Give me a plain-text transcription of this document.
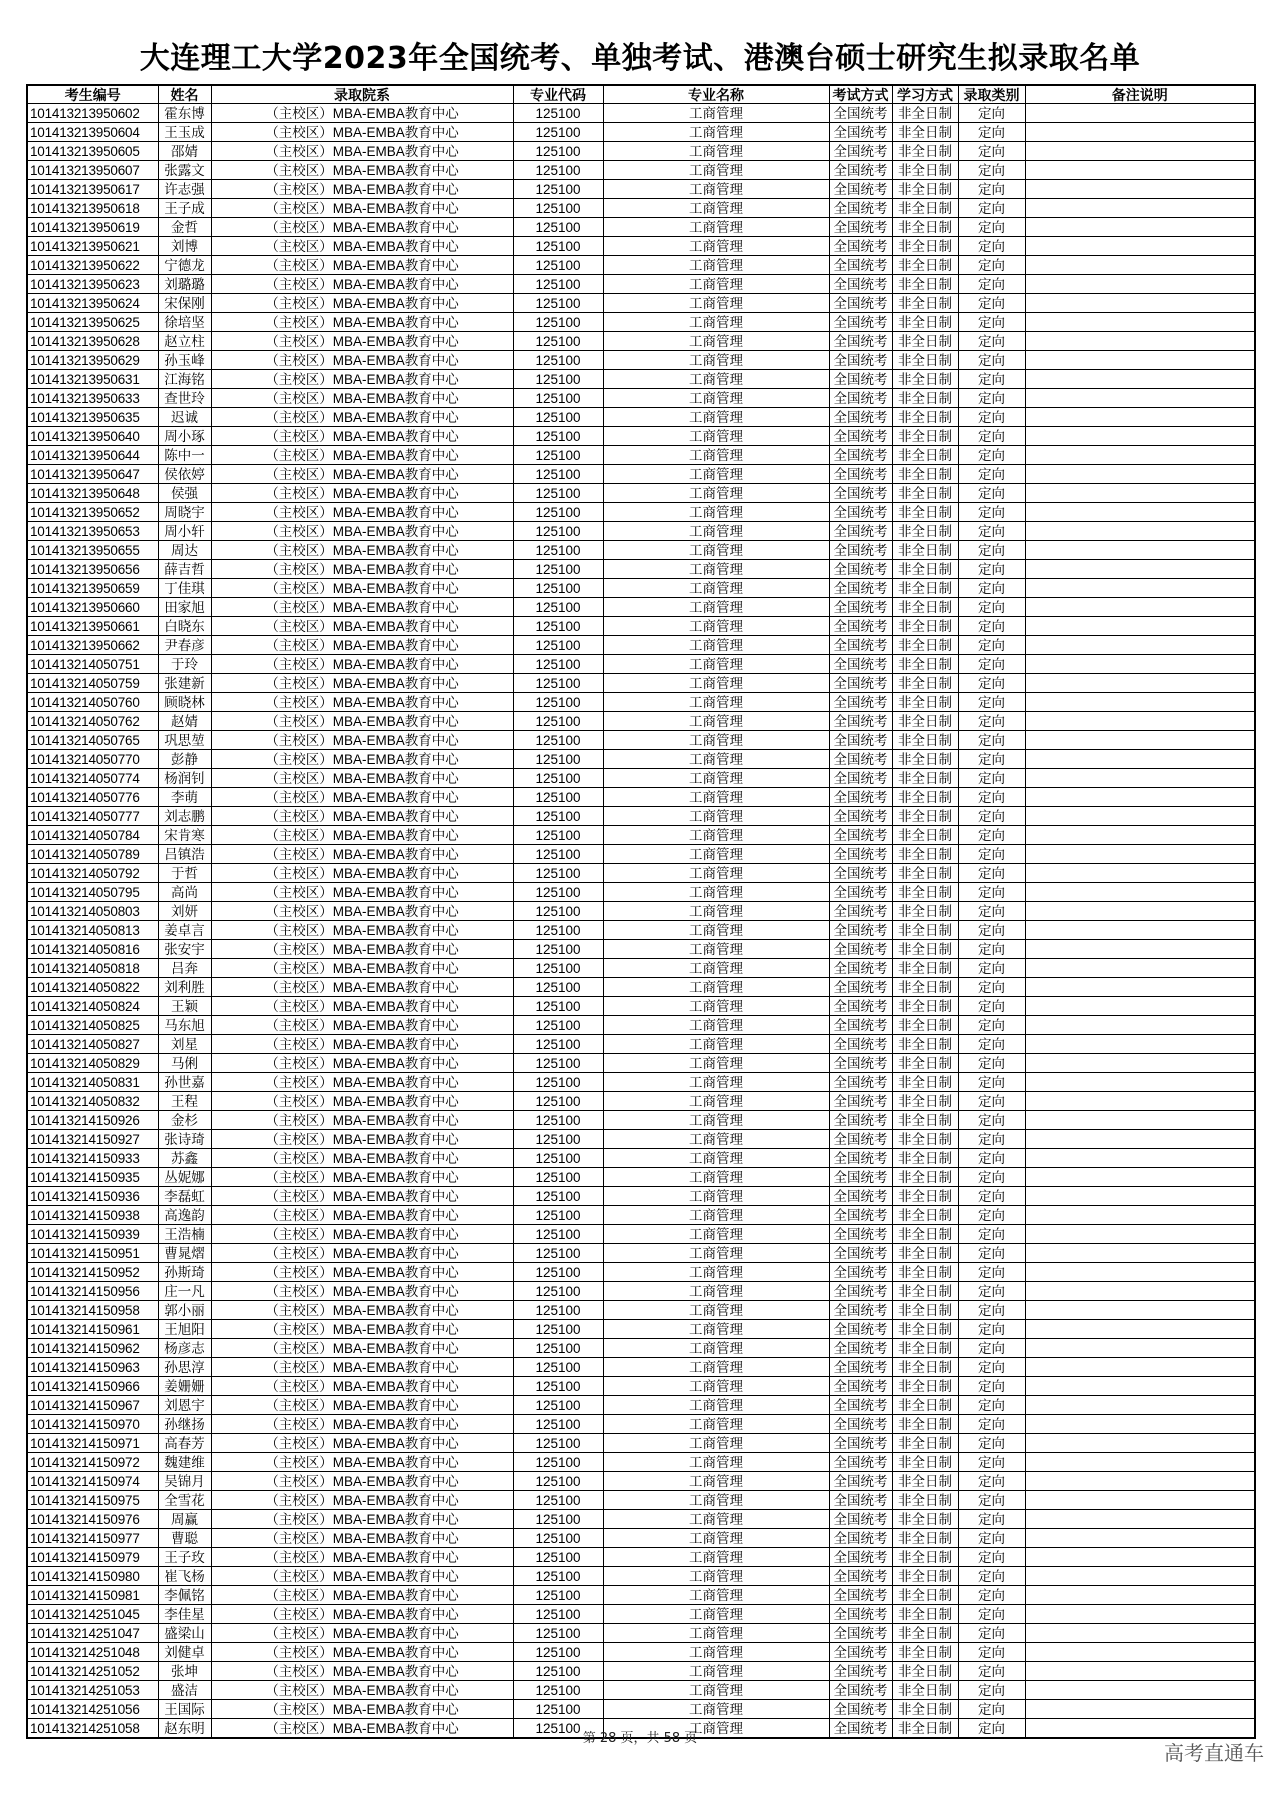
大连理工大学2023年全国统考、单独考试、港澳台硕士研究生拟录取名单
考生编号	姓名	录取院系	专业代码	专业名称	考试方式	学习方式	录取类别	备注说明
101413213950602	霍东博	（主校区）MBA-EMBA教育中心	125100	工商管理	全国统考	非全日制	定向	
101413213950604	王玉成	（主校区）MBA-EMBA教育中心	125100	工商管理	全国统考	非全日制	定向	
101413213950605	邵婧	（主校区）MBA-EMBA教育中心	125100	工商管理	全国统考	非全日制	定向	
101413213950607	张露文	（主校区）MBA-EMBA教育中心	125100	工商管理	全国统考	非全日制	定向	
101413213950617	许志强	（主校区）MBA-EMBA教育中心	125100	工商管理	全国统考	非全日制	定向	
101413213950618	王子成	（主校区）MBA-EMBA教育中心	125100	工商管理	全国统考	非全日制	定向	
101413213950619	金哲	（主校区）MBA-EMBA教育中心	125100	工商管理	全国统考	非全日制	定向	
101413213950621	刘博	（主校区）MBA-EMBA教育中心	125100	工商管理	全国统考	非全日制	定向	
101413213950622	宁德龙	（主校区）MBA-EMBA教育中心	125100	工商管理	全国统考	非全日制	定向	
101413213950623	刘璐璐	（主校区）MBA-EMBA教育中心	125100	工商管理	全国统考	非全日制	定向	
101413213950624	宋保刚	（主校区）MBA-EMBA教育中心	125100	工商管理	全国统考	非全日制	定向	
101413213950625	徐培坚	（主校区）MBA-EMBA教育中心	125100	工商管理	全国统考	非全日制	定向	
101413213950628	赵立柱	（主校区）MBA-EMBA教育中心	125100	工商管理	全国统考	非全日制	定向	
101413213950629	孙玉峰	（主校区）MBA-EMBA教育中心	125100	工商管理	全国统考	非全日制	定向	
101413213950631	江海铭	（主校区）MBA-EMBA教育中心	125100	工商管理	全国统考	非全日制	定向	
101413213950633	查世玲	（主校区）MBA-EMBA教育中心	125100	工商管理	全国统考	非全日制	定向	
101413213950635	迟诚	（主校区）MBA-EMBA教育中心	125100	工商管理	全国统考	非全日制	定向	
101413213950640	周小琢	（主校区）MBA-EMBA教育中心	125100	工商管理	全国统考	非全日制	定向	
101413213950644	陈中一	（主校区）MBA-EMBA教育中心	125100	工商管理	全国统考	非全日制	定向	
101413213950647	侯依婷	（主校区）MBA-EMBA教育中心	125100	工商管理	全国统考	非全日制	定向	
101413213950648	侯强	（主校区）MBA-EMBA教育中心	125100	工商管理	全国统考	非全日制	定向	
101413213950652	周晓宇	（主校区）MBA-EMBA教育中心	125100	工商管理	全国统考	非全日制	定向	
101413213950653	周小轩	（主校区）MBA-EMBA教育中心	125100	工商管理	全国统考	非全日制	定向	
101413213950655	周达	（主校区）MBA-EMBA教育中心	125100	工商管理	全国统考	非全日制	定向	
101413213950656	薛吉哲	（主校区）MBA-EMBA教育中心	125100	工商管理	全国统考	非全日制	定向	
101413213950659	丁佳琪	（主校区）MBA-EMBA教育中心	125100	工商管理	全国统考	非全日制	定向	
101413213950660	田家旭	（主校区）MBA-EMBA教育中心	125100	工商管理	全国统考	非全日制	定向	
101413213950661	白晓东	（主校区）MBA-EMBA教育中心	125100	工商管理	全国统考	非全日制	定向	
101413213950662	尹春彦	（主校区）MBA-EMBA教育中心	125100	工商管理	全国统考	非全日制	定向	
101413214050751	于玲	（主校区）MBA-EMBA教育中心	125100	工商管理	全国统考	非全日制	定向	
101413214050759	张建新	（主校区）MBA-EMBA教育中心	125100	工商管理	全国统考	非全日制	定向	
101413214050760	顾晓林	（主校区）MBA-EMBA教育中心	125100	工商管理	全国统考	非全日制	定向	
101413214050762	赵婧	（主校区）MBA-EMBA教育中心	125100	工商管理	全国统考	非全日制	定向	
101413214050765	巩思堃	（主校区）MBA-EMBA教育中心	125100	工商管理	全国统考	非全日制	定向	
101413214050770	彭静	（主校区）MBA-EMBA教育中心	125100	工商管理	全国统考	非全日制	定向	
101413214050774	杨润钊	（主校区）MBA-EMBA教育中心	125100	工商管理	全国统考	非全日制	定向	
101413214050776	李萌	（主校区）MBA-EMBA教育中心	125100	工商管理	全国统考	非全日制	定向	
101413214050777	刘志鹏	（主校区）MBA-EMBA教育中心	125100	工商管理	全国统考	非全日制	定向	
101413214050784	宋肯寒	（主校区）MBA-EMBA教育中心	125100	工商管理	全国统考	非全日制	定向	
101413214050789	吕镇浩	（主校区）MBA-EMBA教育中心	125100	工商管理	全国统考	非全日制	定向	
101413214050792	于哲	（主校区）MBA-EMBA教育中心	125100	工商管理	全国统考	非全日制	定向	
101413214050795	高尚	（主校区）MBA-EMBA教育中心	125100	工商管理	全国统考	非全日制	定向	
101413214050803	刘妍	（主校区）MBA-EMBA教育中心	125100	工商管理	全国统考	非全日制	定向	
101413214050813	姜卓言	（主校区）MBA-EMBA教育中心	125100	工商管理	全国统考	非全日制	定向	
101413214050816	张安宇	（主校区）MBA-EMBA教育中心	125100	工商管理	全国统考	非全日制	定向	
101413214050818	吕奔	（主校区）MBA-EMBA教育中心	125100	工商管理	全国统考	非全日制	定向	
101413214050822	刘利胜	（主校区）MBA-EMBA教育中心	125100	工商管理	全国统考	非全日制	定向	
101413214050824	王颖	（主校区）MBA-EMBA教育中心	125100	工商管理	全国统考	非全日制	定向	
101413214050825	马东旭	（主校区）MBA-EMBA教育中心	125100	工商管理	全国统考	非全日制	定向	
101413214050827	刘星	（主校区）MBA-EMBA教育中心	125100	工商管理	全国统考	非全日制	定向	
101413214050829	马俐	（主校区）MBA-EMBA教育中心	125100	工商管理	全国统考	非全日制	定向	
101413214050831	孙世嘉	（主校区）MBA-EMBA教育中心	125100	工商管理	全国统考	非全日制	定向	
101413214050832	王程	（主校区）MBA-EMBA教育中心	125100	工商管理	全国统考	非全日制	定向	
101413214150926	金杉	（主校区）MBA-EMBA教育中心	125100	工商管理	全国统考	非全日制	定向	
101413214150927	张诗琦	（主校区）MBA-EMBA教育中心	125100	工商管理	全国统考	非全日制	定向	
101413214150933	苏鑫	（主校区）MBA-EMBA教育中心	125100	工商管理	全国统考	非全日制	定向	
101413214150935	丛妮娜	（主校区）MBA-EMBA教育中心	125100	工商管理	全国统考	非全日制	定向	
101413214150936	李磊虹	（主校区）MBA-EMBA教育中心	125100	工商管理	全国统考	非全日制	定向	
101413214150938	高逸韵	（主校区）MBA-EMBA教育中心	125100	工商管理	全国统考	非全日制	定向	
101413214150939	王浩楠	（主校区）MBA-EMBA教育中心	125100	工商管理	全国统考	非全日制	定向	
101413214150951	曹晁熠	（主校区）MBA-EMBA教育中心	125100	工商管理	全国统考	非全日制	定向	
101413214150952	孙斯琦	（主校区）MBA-EMBA教育中心	125100	工商管理	全国统考	非全日制	定向	
101413214150956	庄一凡	（主校区）MBA-EMBA教育中心	125100	工商管理	全国统考	非全日制	定向	
101413214150958	郭小丽	（主校区）MBA-EMBA教育中心	125100	工商管理	全国统考	非全日制	定向	
101413214150961	王旭阳	（主校区）MBA-EMBA教育中心	125100	工商管理	全国统考	非全日制	定向	
101413214150962	杨彦志	（主校区）MBA-EMBA教育中心	125100	工商管理	全国统考	非全日制	定向	
101413214150963	孙思淳	（主校区）MBA-EMBA教育中心	125100	工商管理	全国统考	非全日制	定向	
101413214150966	姜姗姗	（主校区）MBA-EMBA教育中心	125100	工商管理	全国统考	非全日制	定向	
101413214150967	刘恩宇	（主校区）MBA-EMBA教育中心	125100	工商管理	全国统考	非全日制	定向	
101413214150970	孙继扬	（主校区）MBA-EMBA教育中心	125100	工商管理	全国统考	非全日制	定向	
101413214150971	高春芳	（主校区）MBA-EMBA教育中心	125100	工商管理	全国统考	非全日制	定向	
101413214150972	魏建维	（主校区）MBA-EMBA教育中心	125100	工商管理	全国统考	非全日制	定向	
101413214150974	吴锦月	（主校区）MBA-EMBA教育中心	125100	工商管理	全国统考	非全日制	定向	
101413214150975	全雪花	（主校区）MBA-EMBA教育中心	125100	工商管理	全国统考	非全日制	定向	
101413214150976	周赢	（主校区）MBA-EMBA教育中心	125100	工商管理	全国统考	非全日制	定向	
101413214150977	曹聪	（主校区）MBA-EMBA教育中心	125100	工商管理	全国统考	非全日制	定向	
101413214150979	王子玫	（主校区）MBA-EMBA教育中心	125100	工商管理	全国统考	非全日制	定向	
101413214150980	崔飞杨	（主校区）MBA-EMBA教育中心	125100	工商管理	全国统考	非全日制	定向	
101413214150981	李佩铭	（主校区）MBA-EMBA教育中心	125100	工商管理	全国统考	非全日制	定向	
101413214251045	李佳星	（主校区）MBA-EMBA教育中心	125100	工商管理	全国统考	非全日制	定向	
101413214251047	盛梁山	（主校区）MBA-EMBA教育中心	125100	工商管理	全国统考	非全日制	定向	
101413214251048	刘健卓	（主校区）MBA-EMBA教育中心	125100	工商管理	全国统考	非全日制	定向	
101413214251052	张坤	（主校区）MBA-EMBA教育中心	125100	工商管理	全国统考	非全日制	定向	
101413214251053	盛洁	（主校区）MBA-EMBA教育中心	125100	工商管理	全国统考	非全日制	定向	
101413214251056	王国际	（主校区）MBA-EMBA教育中心	125100	工商管理	全国统考	非全日制	定向	
101413214251058	赵东明	（主校区）MBA-EMBA教育中心	125100	工商管理	全国统考	非全日制	定向	
第 28 页，共 58 页
高考直通车
